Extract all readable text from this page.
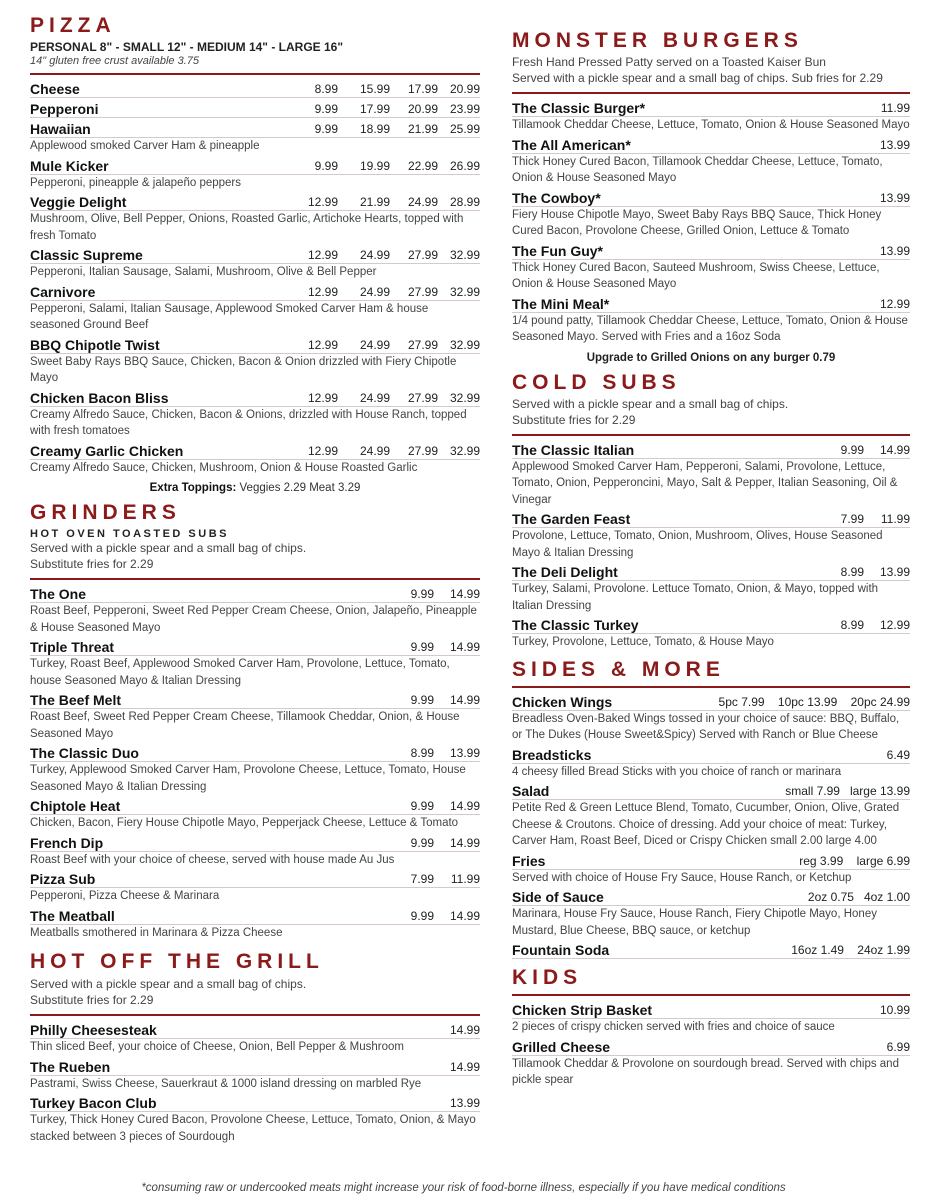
PIZZA
PERSONAL 8" - SMALL 12" - MEDIUM 14" - LARGE 16"
14" gluten free crust available 3.75
Cheese	8.99	15.99	17.99 20.99
Pepperoni	9.99	17.99	20.99 23.99
Hawaiian	9.99	18.99	21.99 25.99
Applewood smoked Carver Ham & pineapple
Mule Kicker	9.99	19.99	22.99 26.99
Pepperoni, pineapple & jalapeño peppers
Veggie Delight	12.99	21.99	24.99 28.99
Mushroom, Olive, Bell Pepper, Onions, Roasted Garlic, Artichoke Hearts, topped with fresh Tomato
Classic Supreme	12.99	24.99	27.99 32.99
Pepperoni, Italian Sausage, Salami, Mushroom, Olive & Bell Pepper
Carnivore	12.99	24.99	27.99 32.99
Pepperoni, Salami, Italian Sausage, Applewood Smoked Carver Ham & house seasoned Ground Beef
BBQ Chipotle Twist	12.99	24.99	27.99 32.99
Sweet Baby Rays BBQ Sauce, Chicken, Bacon & Onion drizzled with Fiery Chipotle Mayo
Chicken Bacon Bliss	12.99	24.99	27.99 32.99
Creamy Alfredo Sauce, Chicken, Bacon & Onions, drizzled with House Ranch, topped with fresh tomatoes
Creamy Garlic Chicken	12.99	24.99	27.99 32.99
Creamy Alfredo Sauce, Chicken, Mushroom, Onion & House Roasted Garlic
Extra Toppings: Veggies 2.29 Meat 3.29
GRINDERS
HOT OVEN TOASTED SUBS
Served with a pickle spear and a small bag of chips.
Substitute fries for 2.29
The One	9.99	14.99
Roast Beef, Pepperoni, Sweet Red Pepper Cream Cheese, Onion, Jalapeño, Pineapple & House Seasoned Mayo
Triple Threat	9.99	14.99
Turkey, Roast Beef, Applewood Smoked Carver Ham, Provolone, Lettuce, Tomato, house Seasoned Mayo & Italian Dressing
The Beef Melt	9.99	14.99
Roast Beef, Sweet Red Pepper Cream Cheese, Tillamook Cheddar, Onion, & House Seasoned Mayo
The Classic Duo	8.99	13.99
Turkey, Applewood Smoked Carver Ham, Provolone Cheese, Lettuce, Tomato, House Seasoned Mayo & Italian Dressing
Chiptole Heat	9.99	14.99
Chicken, Bacon, Fiery House Chipotle Mayo, Pepperjack Cheese, Lettuce & Tomato
French Dip	9.99	14.99
Roast Beef with your choice of cheese, served with house made Au Jus
Pizza Sub	7.99	11.99
Pepperoni, Pizza Cheese & Marinara
The Meatball	9.99	14.99
Meatballs smothered in Marinara & Pizza Cheese
HOT OFF THE GRILL
Served with a pickle spear and a small bag of chips.
Substitute fries for 2.29
Philly Cheesesteak	14.99
Thin sliced Beef, your choice of Cheese, Onion, Bell Pepper & Mushroom
The Rueben	14.99
Pastrami, Swiss Cheese, Sauerkraut & 1000 island dressing on marbled Rye
Turkey Bacon Club	13.99
Turkey, Thick Honey Cured Bacon, Provolone Cheese, Lettuce, Tomato, Onion, & Mayo stacked between 3 pieces of Sourdough
MONSTER BURGERS
Fresh Hand Pressed Patty served on a Toasted Kaiser Bun
Served with a pickle spear and a small bag of chips. Sub fries for 2.29
The Classic Burger*	11.99
Tillamook Cheddar Cheese, Lettuce, Tomato, Onion & House Seasoned Mayo
The All American*	13.99
Thick Honey Cured Bacon, Tillamook Cheddar Cheese, Lettuce, Tomato, Onion & House Seasoned Mayo
The Cowboy*	13.99
Fiery House Chipotle Mayo, Sweet Baby Rays BBQ Sauce, Thick Honey Cured Bacon, Provolone Cheese, Grilled Onion, Lettuce & Tomato
The Fun Guy*	13.99
Thick Honey Cured Bacon, Sauteed Mushroom, Swiss Cheese, Lettuce, Onion & House Seasoned Mayo
The Mini Meal*	12.99
1/4 pound patty, Tillamook Cheddar Cheese, Lettuce, Tomato, Onion & House Seasoned Mayo. Served with Fries and a 16oz Soda
Upgrade to Grilled Onions on any burger 0.79
COLD SUBS
Served with a pickle spear and a small bag of chips.
Substitute fries for 2.29
The Classic Italian	9.99	14.99
Applewood Smoked Carver Ham, Pepperoni, Salami, Provolone, Lettuce, Tomato, Onion, Pepperoncini, Mayo, Salt & Pepper, Italian Seasoning, Oil & Vinegar
The Garden Feast	7.99	11.99
Provolone, Lettuce, Tomato, Onion, Mushroom, Olives, House Seasoned Mayo & Italian Dressing
The Deli Delight	8.99	13.99
Turkey, Salami, Provolone. Lettuce Tomato, Onion, & Mayo, topped with Italian Dressing
The Classic Turkey	8.99	12.99
Turkey, Provolone, Lettuce, Tomato, & House Mayo
SIDES & MORE
Chicken Wings	5pc 7.99    10pc 13.99    20pc 24.99
Breadless Oven-Baked Wings tossed in your choice of sauce: BBQ, Buffalo, or The Dukes (House Sweet&Spicy) Served with Ranch or Blue Cheese
Breadsticks	6.49
4 cheesy filled Bread Sticks with you choice of ranch or marinara
Salad	small 7.99   large 13.99
Petite Red & Green Lettuce Blend, Tomato, Cucumber, Onion, Olive, Grated Cheese & Croutons. Choice of dressing. Add your choice of meat: Turkey, Carver Ham, Roast Beef, Diced or Crispy Chicken small 2.00 large 4.00
Fries	reg 3.99    large 6.99
Served with choice of House Fry Sauce, House Ranch, or Ketchup
Side of Sauce	2oz 0.75   4oz 1.00
Marinara, House Fry Sauce, House Ranch, Fiery Chipotle Mayo, Honey Mustard, Blue Cheese, BBQ sauce, or ketchup
Fountain Soda	16oz 1.49    24oz 1.99
KIDS
Chicken Strip Basket	10.99
2 pieces of crispy chicken served with fries and choice of sauce
Grilled Cheese	6.99
Tillamook Cheddar & Provolone on sourdough bread. Served with chips and pickle spear
*consuming raw or undercooked meats might increase your risk of food-borne illness, especially if you have medical conditions
